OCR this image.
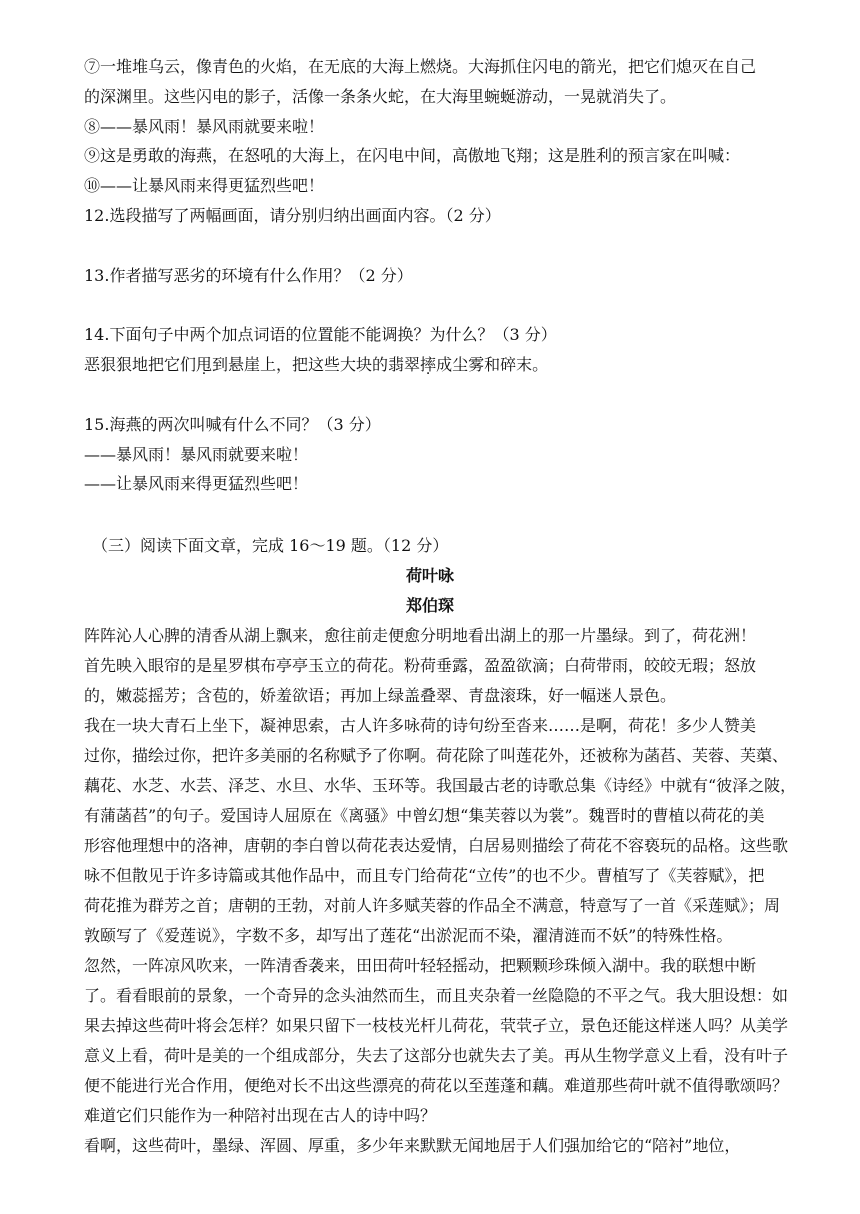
⑦一堆堆乌云，像青色的火焰，在无底的大海上燃烧。大海抓住闪电的箭光，把它们熄灭在自己
的深渊里。这些闪电的影子，活像一条条火蛇，在大海里蜿蜒游动，一晃就消失了。
⑧——暴风雨！暴风雨就要来啦！
⑨这是勇敢的海燕，在怒吼的大海上，在闪电中间，高傲地飞翔；这是胜利的预言家在叫喊：
⑩——让暴风雨来得更猛烈些吧！
12.选段描写了两幅画面，请分别归纳出画面内容。（2 分）
13.作者描写恶劣的环境有什么作用？（2 分）
14.下面句子中两个加点词语的位置能不能调换？为什么？（3 分）
恶狠狠地把它们甩到悬崖上，把这些大块的翡翠摔成尘雾和碎末。
15.海燕的两次叫喊有什么不同？（3 分）
——暴风雨！暴风雨就要来啦！
——让暴风雨来得更猛烈些吧！
（三）阅读下面文章，完成 16～19 题。（12 分）
荷叶咏
郑伯琛
阵阵沁人心脾的清香从湖上飘来，愈往前走便愈分明地看出湖上的那一片墨绿。到了，荷花洲！
首先映入眼帘的是星罗棋布亭亭玉立的荷花。粉荷垂露，盈盈欲滴；白荷带雨，皎皎无瑕；怒放
的，嫩蕊摇芳；含苞的，娇羞欲语；再加上绿盖叠翠、青盘滚珠，好一幅迷人景色。
我在一块大青石上坐下，凝神思索，古人许多咏荷的诗句纷至沓来……是啊，荷花！多少人赞美
过你，描绘过你，把许多美丽的名称赋予了你啊。荷花除了叫莲花外，还被称为菡萏、芙蓉、芙蕖、
藕花、水芝、水芸、泽芝、水旦、水华、玉环等。我国最古老的诗歌总集《诗经》中就有“彼泽之陂，
有蒲菡萏”的句子。爱国诗人屈原在《离骚》中曾幻想“集芙蓉以为裳”。魏晋时的曹植以荷花的美
形容他理想中的洛神，唐朝的李白曾以荷花表达爱情，白居易则描绘了荷花不容亵玩的品格。这些歌
咏不但散见于许多诗篇或其他作品中，而且专门给荷花“立传”的也不少。曹植写了《芙蓉赋》，把
荷花推为群芳之首；唐朝的王勃，对前人许多赋芙蓉的作品全不满意，特意写了一首《采莲赋》；周
敦颐写了《爱莲说》，字数不多，却写出了莲花“出淤泥而不染，濯清涟而不妖”的特殊性格。
忽然，一阵凉风吹来，一阵清香袭来，田田荷叶轻轻摇动，把颗颗珍珠倾入湖中。我的联想中断
了。看看眼前的景象，一个奇异的念头油然而生，而且夹杂着一丝隐隐的不平之气。我大胆设想：如
果去掉这些荷叶将会怎样？如果只留下一枝枝光杆儿荷花，茕茕孑立，景色还能这样迷人吗？从美学
意义上看，荷叶是美的一个组成部分，失去了这部分也就失去了美。再从生物学意义上看，没有叶子
便不能进行光合作用，便绝对长不出这些漂亮的荷花以至莲蓬和藕。难道那些荷叶就不值得歌颂吗？
难道它们只能作为一种陪衬出现在古人的诗中吗？
看啊，这些荷叶，墨绿、浑圆、厚重，多少年来默默无闻地居于人们强加给它的“陪衬”地位，
